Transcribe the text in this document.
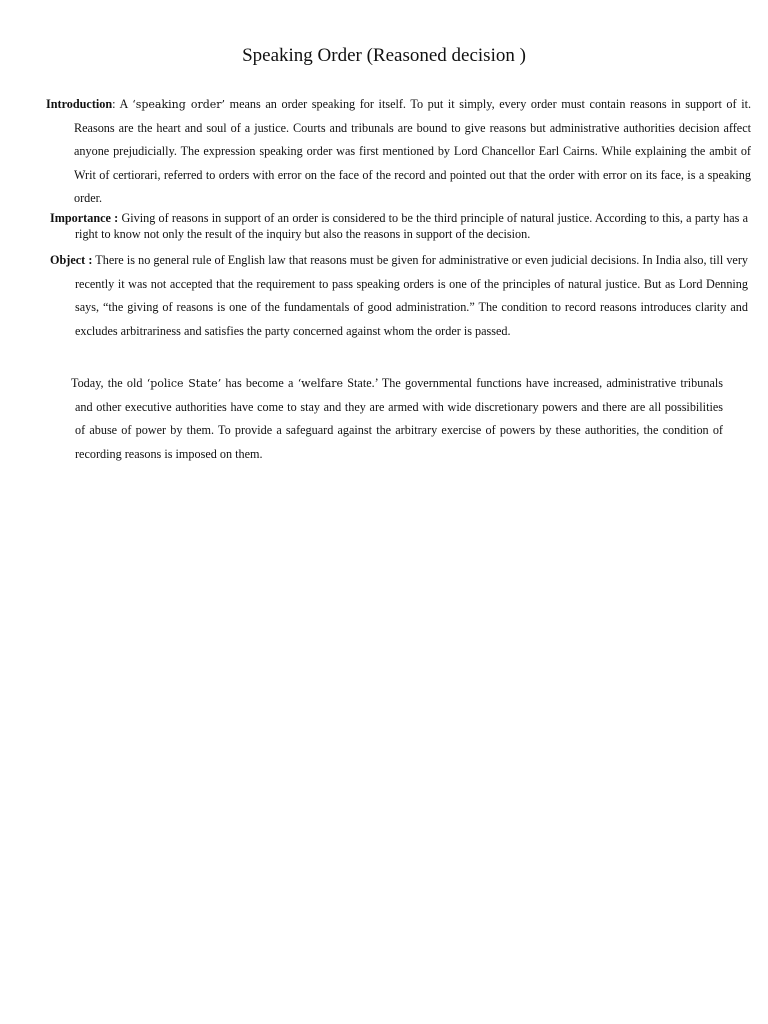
Speaking Order (Reasoned decision )

Introduction: A ‘speaking order’ means an order speaking for itself. To put it simply, every order must contain reasons in support of it. Reasons are the heart and soul of a justice. Courts and tribunals are bound to give reasons but administrative authorities decision affect anyone prejudicially. The expression speaking order was first mentioned by Lord Chancellor Earl Cairns. While explaining the ambit of Writ of certiorari, referred to orders with error on the face of the record and pointed out that the order with error on its face, is a speaking order.

Importance : Giving of reasons in support of an order is considered to be the third principle of natural justice. According to this, a party has a right to know not only the result of the inquiry but also the reasons in support of the decision.

Object : There is no general rule of English law that reasons must be given for administrative or even judicial decisions. In India also, till very recently it was not accepted that the requirement to pass speaking orders is one of the principles of natural justice. But as Lord Denning says, “the giving of reasons is one of the fundamentals of good administration.” The condition to record reasons introduces clarity and excludes arbitrariness and satisfies the party concerned against whom the order is passed.

Today, the old ‘police State’ has become a ‘welfare State.’ The governmental functions have increased, administrative tribunals and other executive authorities have come to stay and they are armed with wide discretionary powers and there are all possibilities of abuse of power by them. To provide a safeguard against the arbitrary exercise of powers by these authorities, the condition of recording reasons is imposed on them.
